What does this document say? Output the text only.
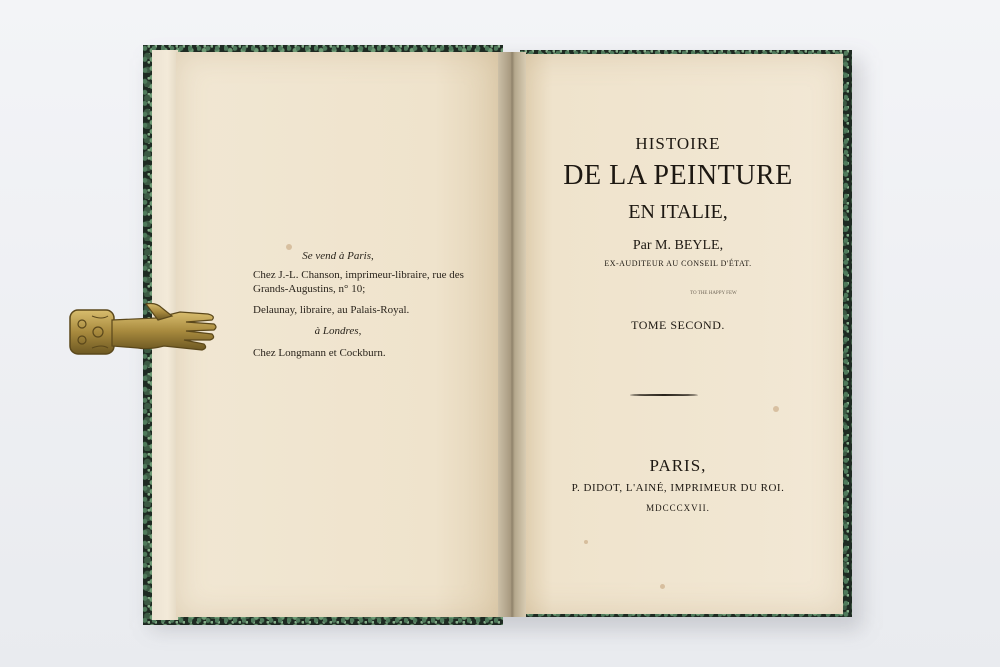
Se vend à Paris,
Chez J.-L. Chanson, imprimeur-libraire, rue des
Grands-Augustins, n° 10;
Delaunay, libraire, au Palais-Royal.
à Londres,
Chez Longmann et Cockburn.
HISTOIRE
DE LA PEINTURE
EN ITALIE,
Par M. BEYLE,
EX-AUDITEUR AU CONSEIL D'ÉTAT.
TO THE HAPPY FEW
TOME SECOND.
PARIS,
P. DIDOT, L'AINÉ, IMPRIMEUR DU ROI.
MDCCCXVII.
